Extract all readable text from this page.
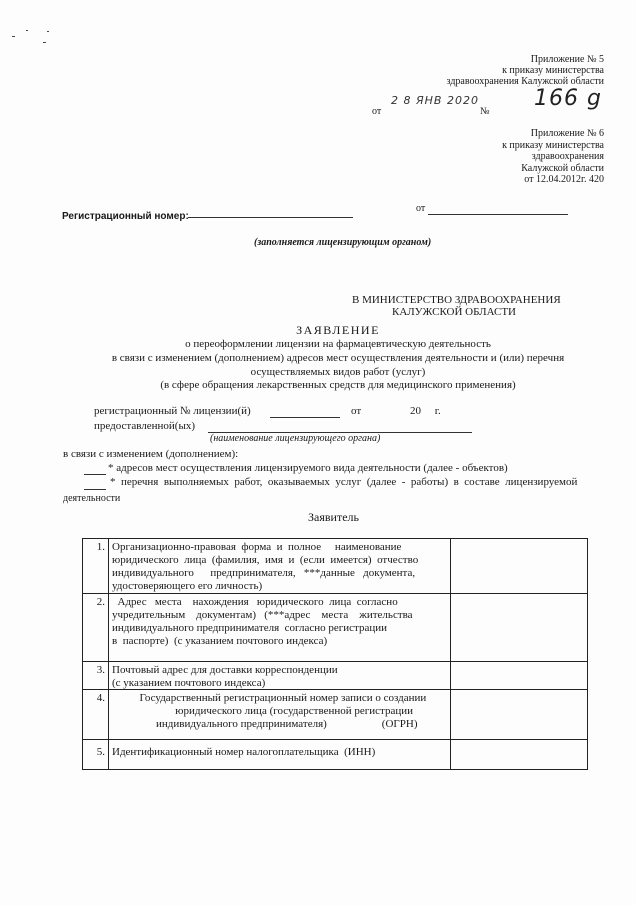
Приложение № 5
к приказу министерства
здравоохранения Калужской области
от
2 8 ЯНВ 2020
№
166 g
Приложение № 6
к приказу министерства
здравоохранения
Калужской области
от 12.04.2012г. 420
Регистрационный номер:
от
(заполняется лицензирующим органом)
В МИНИСТЕРСТВО ЗДРАВООХРАНЕНИЯ
КАЛУЖСКОЙ ОБЛАСТИ
ЗАЯВЛЕНИЕ
о переоформлении лицензии на фармацевтическую деятельность
в связи с изменением (дополнением) адресов мест осуществления деятельности и (или) перечня
осуществляемых видов работ (услуг)
(в сфере обращения лекарственных средств для медицинского применения)
регистрационный № лицензии(й)	от	20     г.
предоставленной(ых)
(наименование лицензирующего органа)
в связи с изменением (дополнением):
* адресов мест осуществления лицензируемого вида деятельности (далее - объектов)
*  перечня  выполняемых  работ,  оказываемых  услуг  (далее  -  работы)  в  составе  лицензируемой
деятельности
Заявитель
1. Организационно-правовая  форма  и  полное     наименование
юридического  лица  (фамилия,  имя  и  (если  имеется)  отчество
индивидуального      предпринимателя,   ***данные   документа,
удостоверяющего его личность)
2. Адрес   места    нахождения   юридического  лица  согласно
учредительным    документам)   (***адрес    места    жительства
индивидуального предпринимателя  согласно регистрации
в  паспорте)  (с указанием почтового индекса)
3. Почтовый адрес для доставки корреспонденции
(с указанием почтового индекса)
4. Государственный регистрационный номер записи о создании
юридического лица (государственной регистрации
индивидуального предпринимателя)                    (ОГРН)
5. Идентификационный номер налогоплательщика  (ИНН)
